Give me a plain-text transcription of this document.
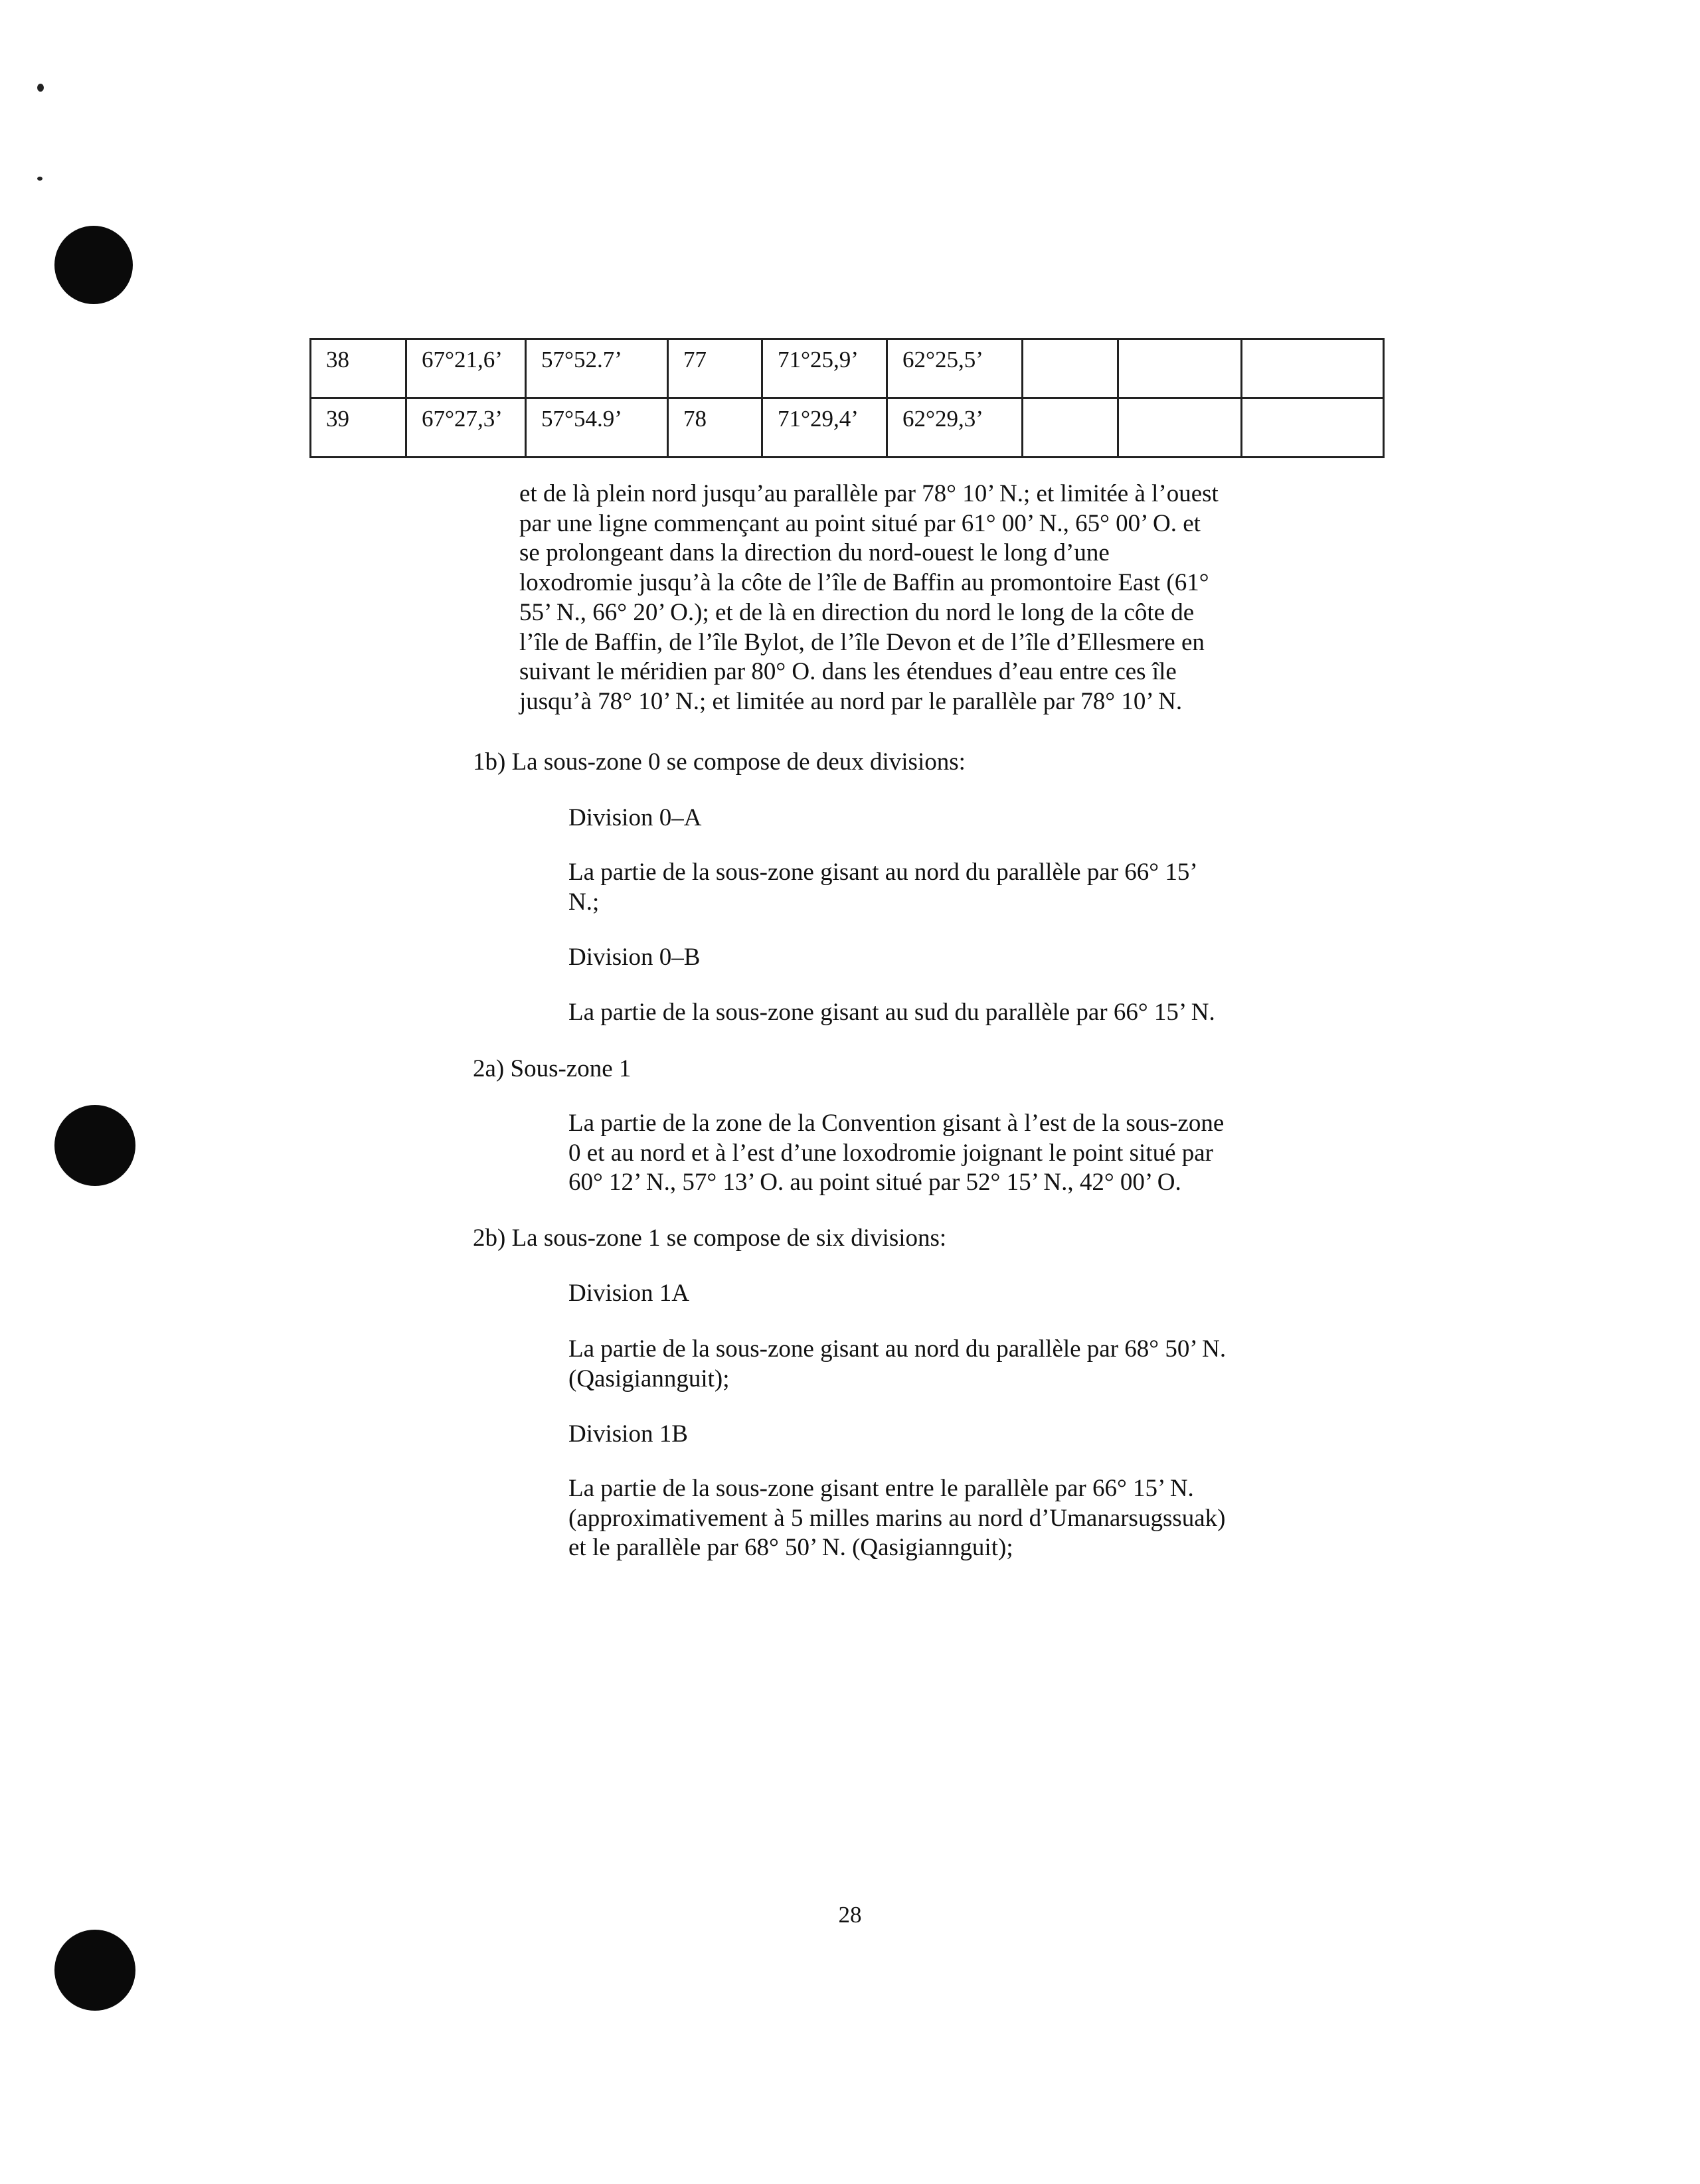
38	67°21,6’	57°52.7’	77	71°25,9’	62°25,5’			
39	67°27,3’	57°54.9’	78	71°29,4’	62°29,3’			
et de là plein nord jusqu’au parallèle par 78° 10’ N.; et limitée à l’ouest
par une ligne commençant au point situé par 61° 00’ N., 65° 00’ O. et
se prolongeant dans la direction du nord-ouest le long d’une
loxodromie jusqu’à la côte de l’île de Baffin au promontoire East (61°
55’ N., 66° 20’ O.); et de là en direction du nord le long de la côte de
l’île de Baffin, de l’île Bylot, de l’île Devon et de l’île d’Ellesmere en
suivant le méridien par 80° O. dans les étendues d’eau entre ces île
jusqu’à 78° 10’ N.; et limitée au nord par le parallèle par 78° 10’ N.
1b) La sous-zone 0 se compose de deux divisions:
Division 0–A
La partie de la sous-zone gisant au nord du parallèle par 66° 15’
N.;
Division 0–B
La partie de la sous-zone gisant au sud du parallèle par 66° 15’ N.
2a) Sous-zone 1
La partie de la zone de la Convention gisant à l’est de la sous-zone
0 et au nord et à l’est d’une loxodromie joignant le point situé par
60° 12’ N., 57° 13’ O. au point situé par 52° 15’ N., 42° 00’ O.
2b) La sous-zone 1 se compose de six divisions:
Division 1A
La partie de la sous-zone gisant au nord du parallèle par 68° 50’ N.
(Qasigiannguit);
Division 1B
La partie de la sous-zone gisant entre le parallèle par 66° 15’ N.
(approximativement à 5 milles marins au nord d’Umanarsugssuak)
et le parallèle par 68° 50’ N. (Qasigiannguit);
28
